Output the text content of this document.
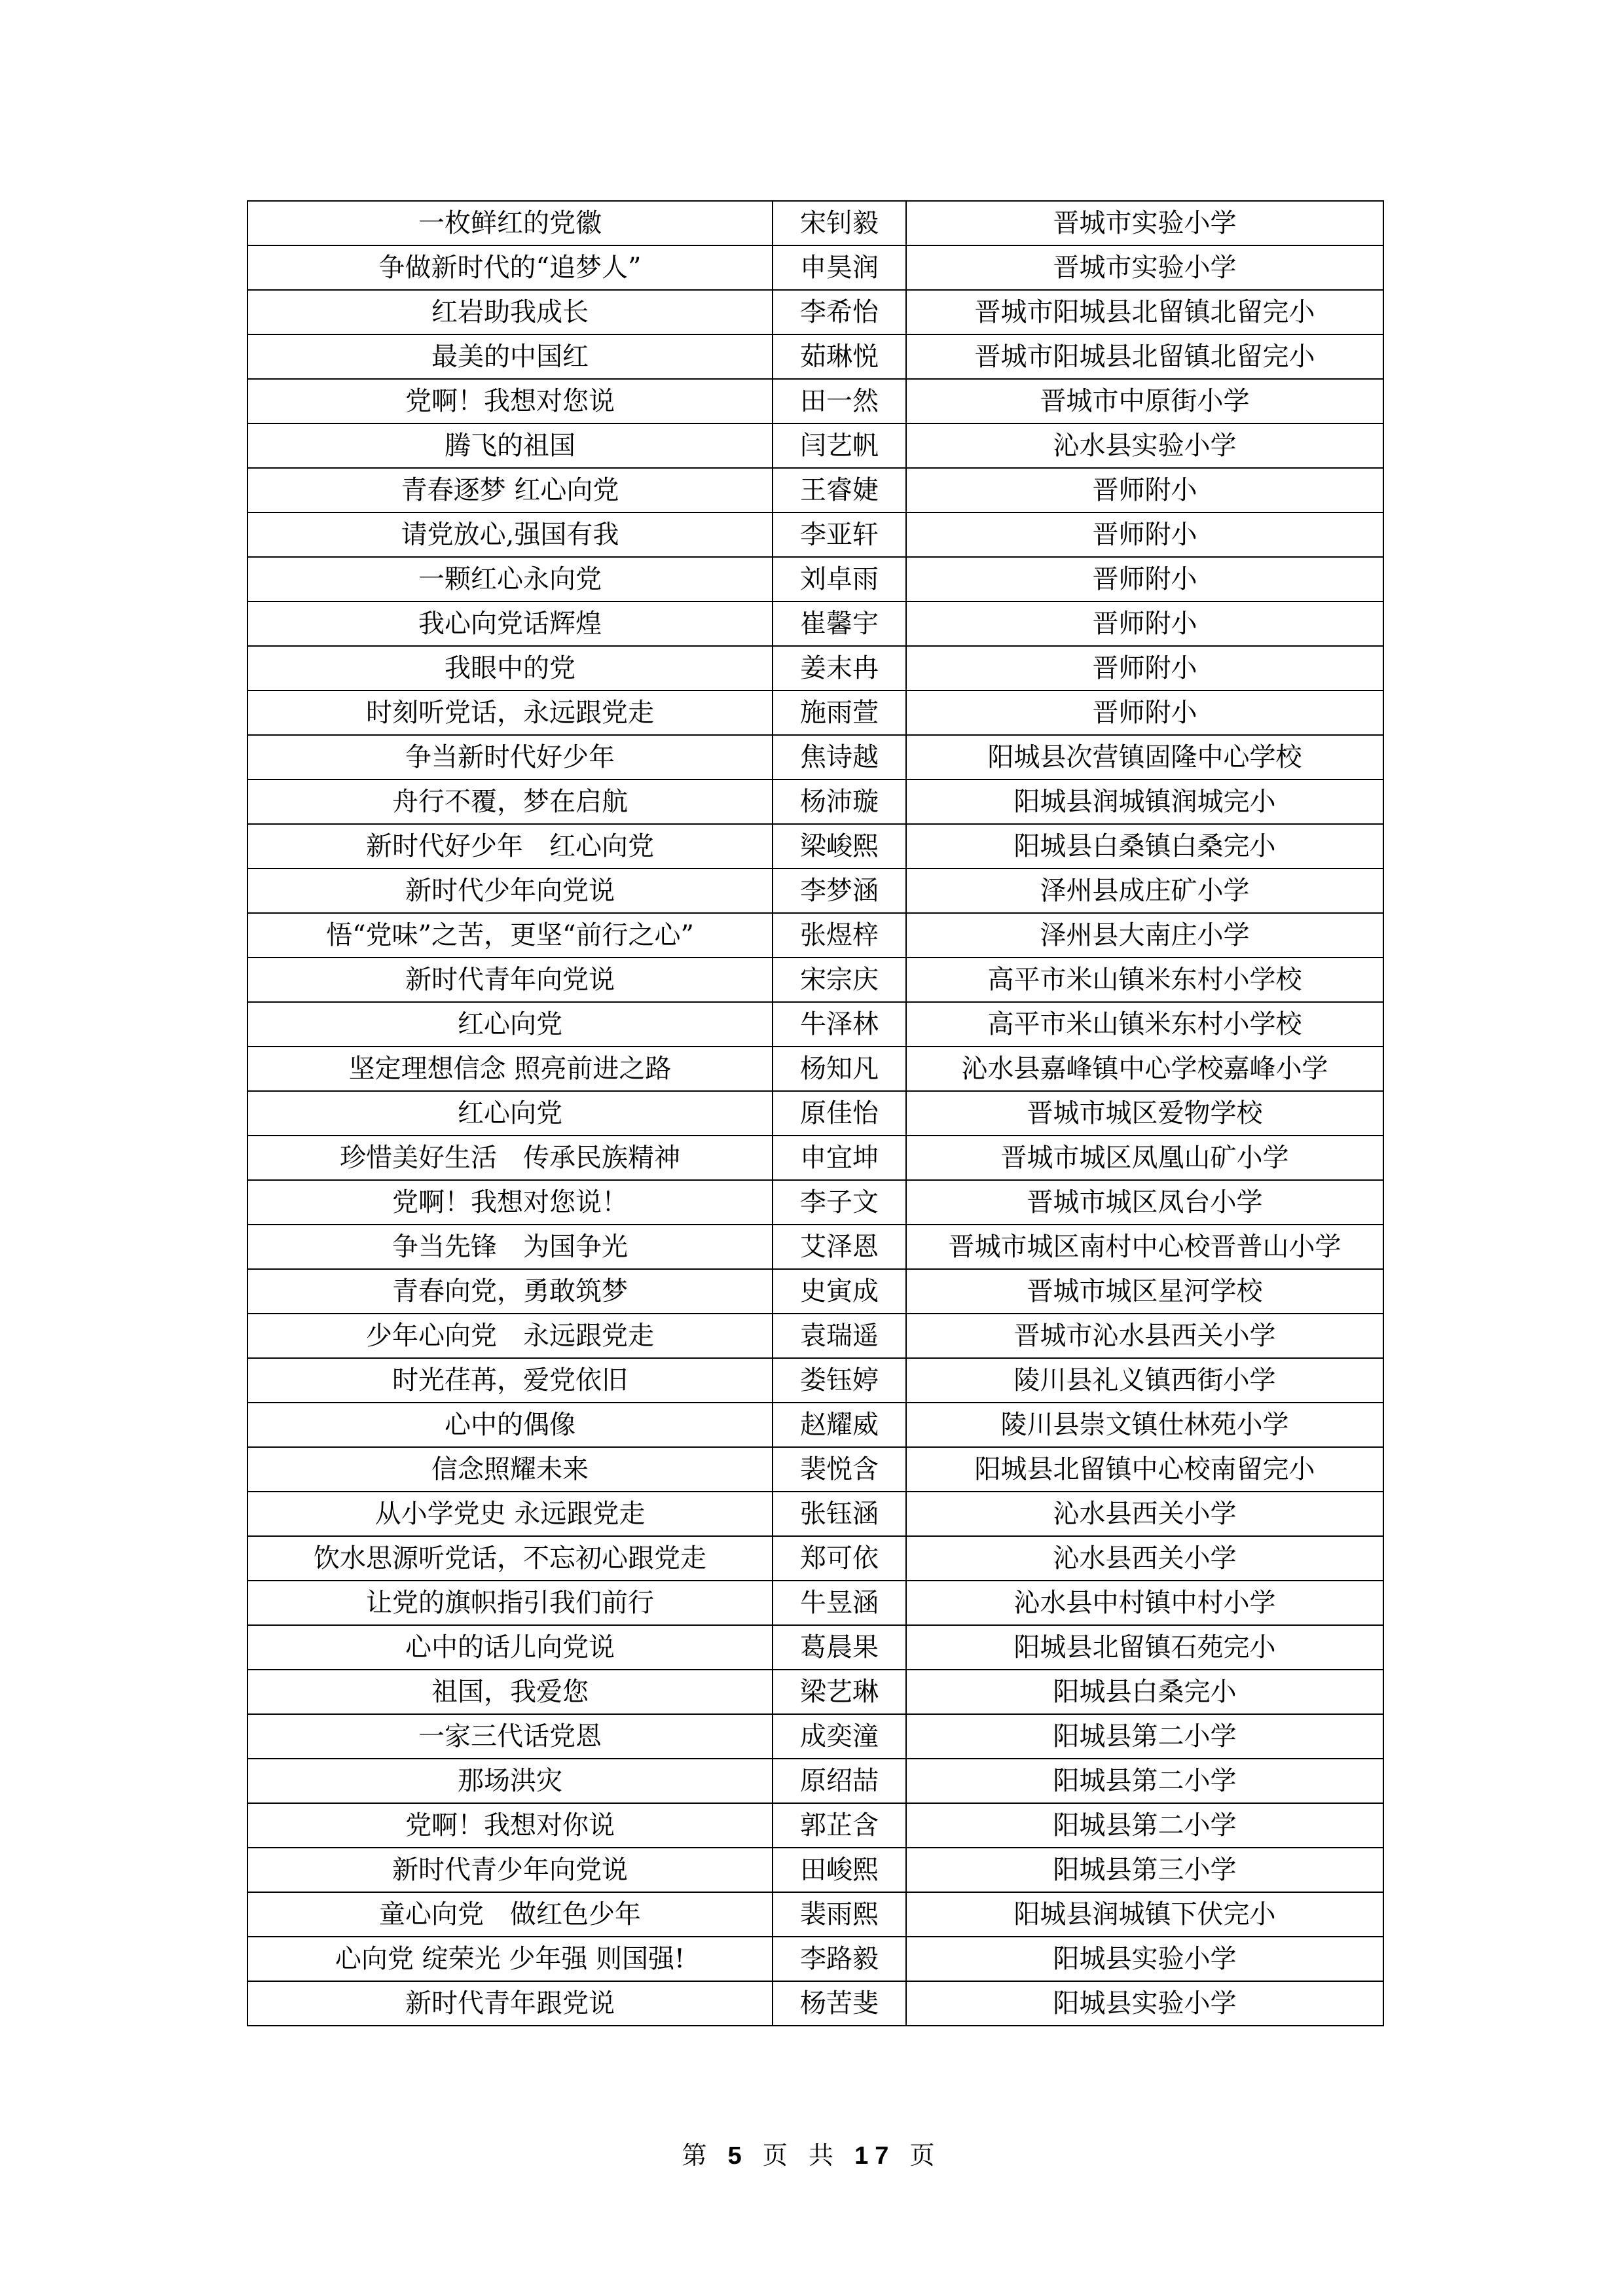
一枚鲜红的党徽	宋钊毅	晋城市实验小学
争做新时代的“追梦人”	申昊润	晋城市实验小学
红岩助我成长	李希怡	晋城市阳城县北留镇北留完小
最美的中国红	茹琳悦	晋城市阳城县北留镇北留完小
党啊！我想对您说	田一然	晋城市中原街小学
腾飞的祖国	闫艺帆	沁水县实验小学
青春逐梦 红心向党	王睿婕	晋师附小
请党放心,强国有我	李亚轩	晋师附小
一颗红心永向党	刘卓雨	晋师附小
我心向党话辉煌	崔馨宇	晋师附小
我眼中的党	姜末冉	晋师附小
时刻听党话，永远跟党走	施雨萱	晋师附小
争当新时代好少年	焦诗越	阳城县次营镇固隆中心学校
舟行不覆，梦在启航	杨沛璇	阳城县润城镇润城完小
新时代好少年　红心向党	梁峻熙	阳城县白桑镇白桑完小
新时代少年向党说	李梦涵	泽州县成庄矿小学
悟“党味”之苦，更坚“前行之心”	张煜梓	泽州县大南庄小学
新时代青年向党说	宋宗庆	高平市米山镇米东村小学校
红心向党	牛泽林	高平市米山镇米东村小学校
坚定理想信念 照亮前进之路	杨知凡	沁水县嘉峰镇中心学校嘉峰小学
红心向党	原佳怡	晋城市城区爱物学校
珍惜美好生活　传承民族精神	申宜坤	晋城市城区凤凰山矿小学
党啊！我想对您说！	李子文	晋城市城区凤台小学
争当先锋　为国争光	艾泽恩	晋城市城区南村中心校晋普山小学
青春向党，勇敢筑梦	史寅成	晋城市城区星河学校
少年心向党　永远跟党走	袁瑞遥	晋城市沁水县西关小学
时光荏苒，爱党依旧	娄钰婷	陵川县礼义镇西街小学
心中的偶像	赵耀威	陵川县崇文镇仕林苑小学
信念照耀未来	裴悦含	阳城县北留镇中心校南留完小
从小学党史 永远跟党走	张钰涵	沁水县西关小学
饮水思源听党话，不忘初心跟党走	郑可依	沁水县西关小学
让党的旗帜指引我们前行	牛昱涵	沁水县中村镇中村小学
心中的话儿向党说	葛晨果	阳城县北留镇石苑完小
祖国，我爱您	梁艺琳	阳城县白桑完小
一家三代话党恩	成奕潼	阳城县第二小学
那场洪灾	原绍喆	阳城县第二小学
党啊！我想对你说	郭芷含	阳城县第二小学
新时代青少年向党说	田峻熙	阳城县第三小学
童心向党　做红色少年	裴雨熙	阳城县润城镇下伏完小
心向党 绽荣光 少年强 则国强!	李路毅	阳城县实验小学
新时代青年跟党说	杨苦斐	阳城县实验小学
第 5 页 共 17 页
